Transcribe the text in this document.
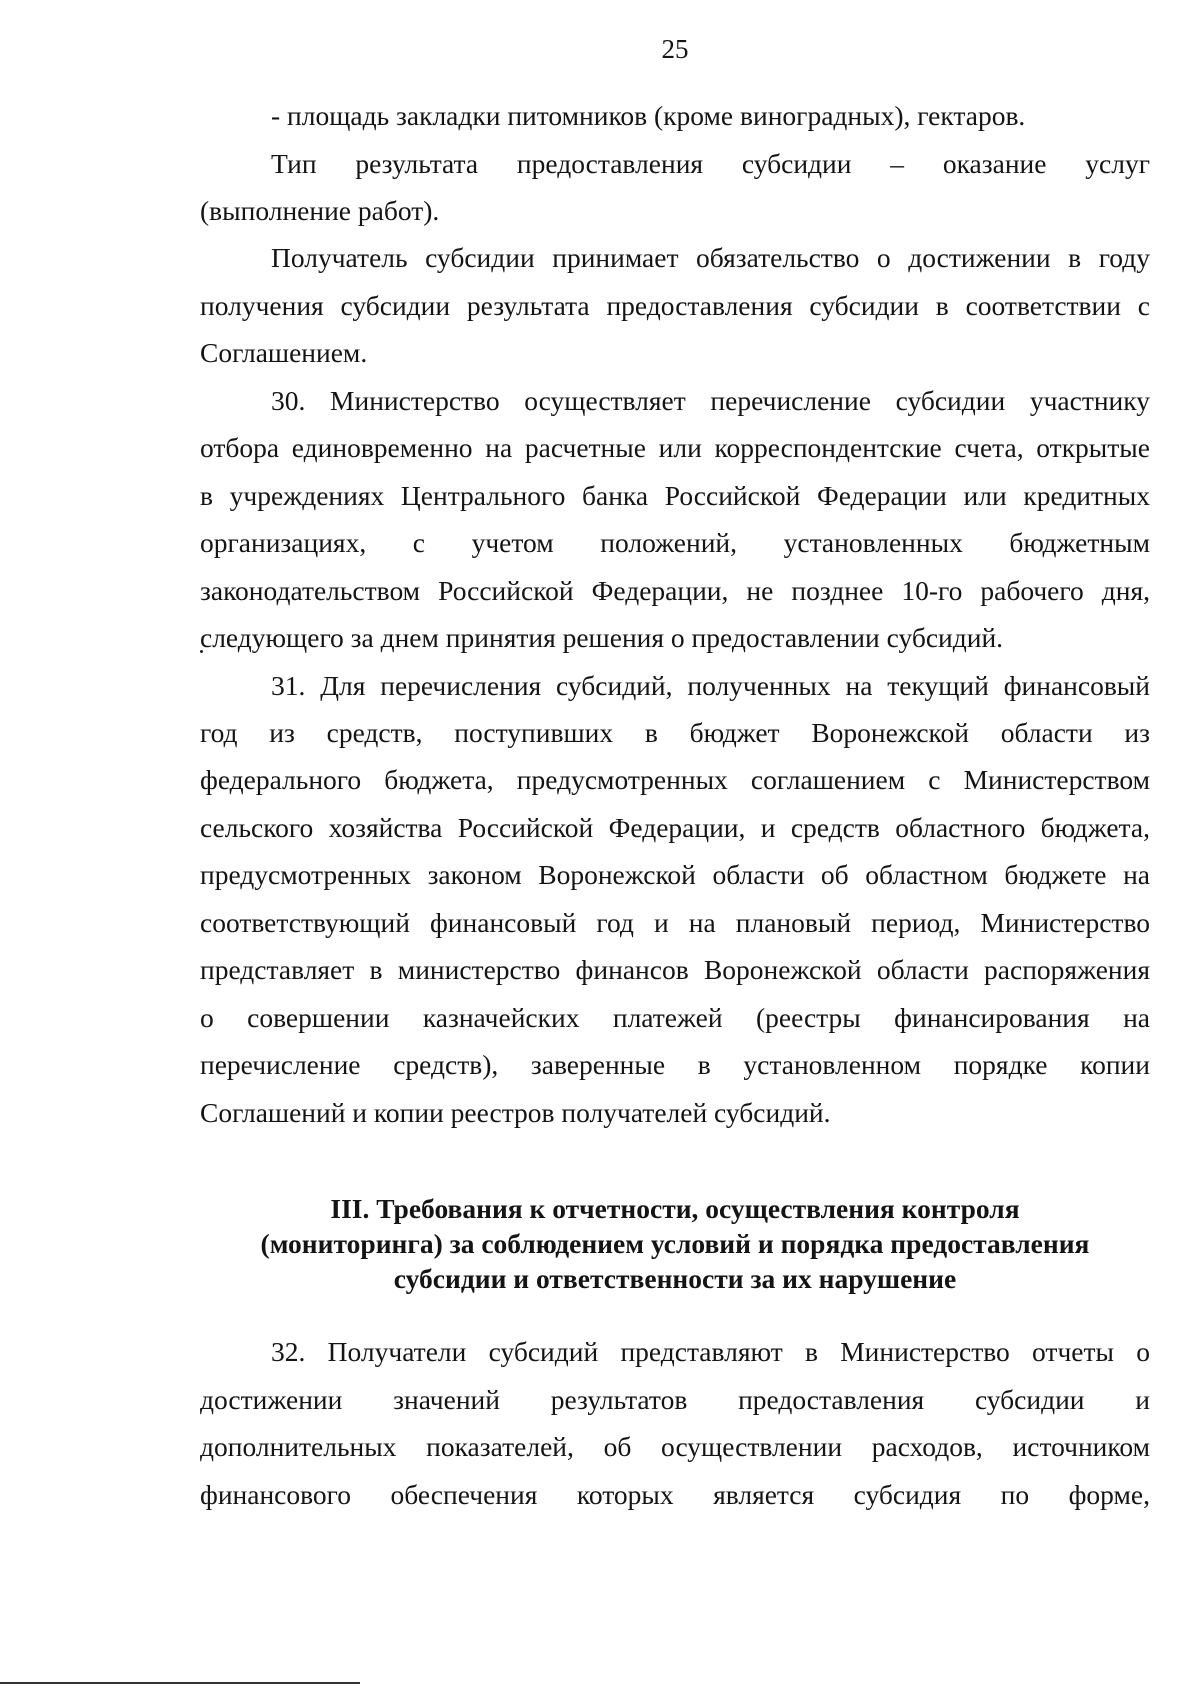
25
- площадь закладки питомников (кроме виноградных), гектаров.
Тип результата предоставления субсидии – оказание услуг
(выполнение работ).
Получатель субсидии принимает обязательство о достижении в году
получения субсидии результата предоставления субсидии в соответствии с
Соглашением.
30. Министерство осуществляет перечисление субсидии участнику
отбора единовременно на расчетные или корреспондентские счета, открытые
в учреждениях Центрального банка Российской Федерации или кредитных
организациях, с учетом положений, установленных бюджетным
законодательством Российской Федерации, не позднее 10-го рабочего дня,
следующего за днем принятия решения о предоставлении субсидий.
31. Для перечисления субсидий, полученных на текущий финансовый
год из средств, поступивших в бюджет Воронежской области из
федерального бюджета, предусмотренных соглашением с Министерством
сельского хозяйства Российской Федерации, и средств областного бюджета,
предусмотренных законом Воронежской области об областном бюджете на
соответствующий финансовый год и на плановый период, Министерство
представляет в министерство финансов Воронежской области распоряжения
о совершении казначейских платежей (реестры финансирования на
перечисление средств), заверенные в установленном порядке копии
Соглашений и копии реестров получателей субсидий.
III. Требования к отчетности, осуществления контроля
(мониторинга) за соблюдением условий и порядка предоставления
субсидии и ответственности за их нарушение
32. Получатели субсидий представляют в Министерство отчеты о
достижении значений результатов предоставления субсидии и
дополнительных показателей, об осуществлении расходов, источником
финансового обеспечения которых является субсидия по форме,
